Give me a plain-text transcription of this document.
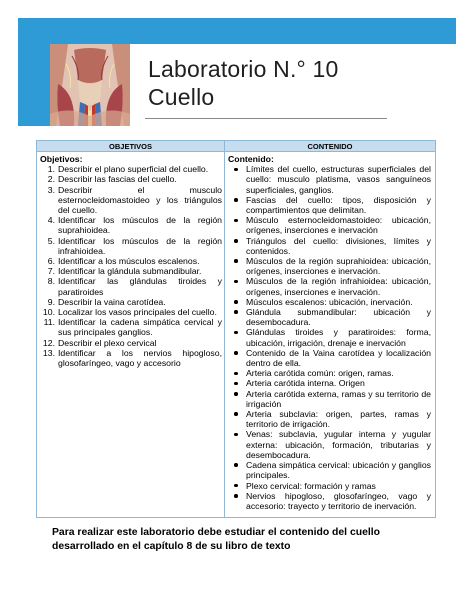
Laboratorio N.° 10
Cuello
OBJETIVOS	CONTENIDO
Objetivos:
1. Describir el plano superficial del cuello.
2. Describir las fascias del cuello.
3. Describir el musculo esternocleidomastoideo y los triángulos del cuello.
4. Identificar los músculos de la región suprahioidea.
5. Identificar los músculos de la región infrahioidea.
6. Identificar a los músculos escalenos.
7. Identificar la glándula submandibular.
8. Identificar las glándulas tiroides y paratiroides
9. Describir la vaina carotídea.
10. Localizar los vasos principales del cuello.
11. Identificar la cadena simpática cervical y sus principales ganglios.
12. Describir el plexo cervical
13. Identificar a los nervios hipogloso, glosofaríngeo, vago y accesorio
Contenido:
Límites del cuello, estructuras superficiales del cuello: musculo platisma, vasos sanguíneos superficiales, ganglios.
Fascias del cuello: tipos, disposición y compartimientos que delimitan.
Músculo esternocleidomastoideo: ubicación, orígenes, inserciones e inervación
Triángulos del cuello: divisiones, límites y contenidos.
Músculos de la región suprahioidea: ubicación, orígenes, inserciones e inervación.
Músculos de la región infrahioidea: ubicación, orígenes, inserciones e inervación.
Músculos escalenos: ubicación, inervación.
Glándula submandibular: ubicación y desembocadura.
Glándulas tiroides y paratiroides: forma, ubicación, irrigación, drenaje e inervación
Contenido de la Vaina carotídea y localización dentro de ella.
Arteria carótida común: origen, ramas.
Arteria carótida interna. Origen
Arteria carótida externa, ramas y su territorio de irrigación
Arteria subclavia: origen, partes, ramas y territorio de irrigación.
Venas: subclavia, yugular interna y yugular externa: ubicación, formación, tributarias y desembocadura.
Cadena simpática cervical: ubicación y ganglios principales.
Plexo cervical: formación y ramas
Nervios hipogloso, glosofaríngeo, vago y accesorio: trayecto y territorio de inervación.
Para realizar este laboratorio debe estudiar el contenido del cuello desarrollado en el capítulo 8 de su libro de texto
